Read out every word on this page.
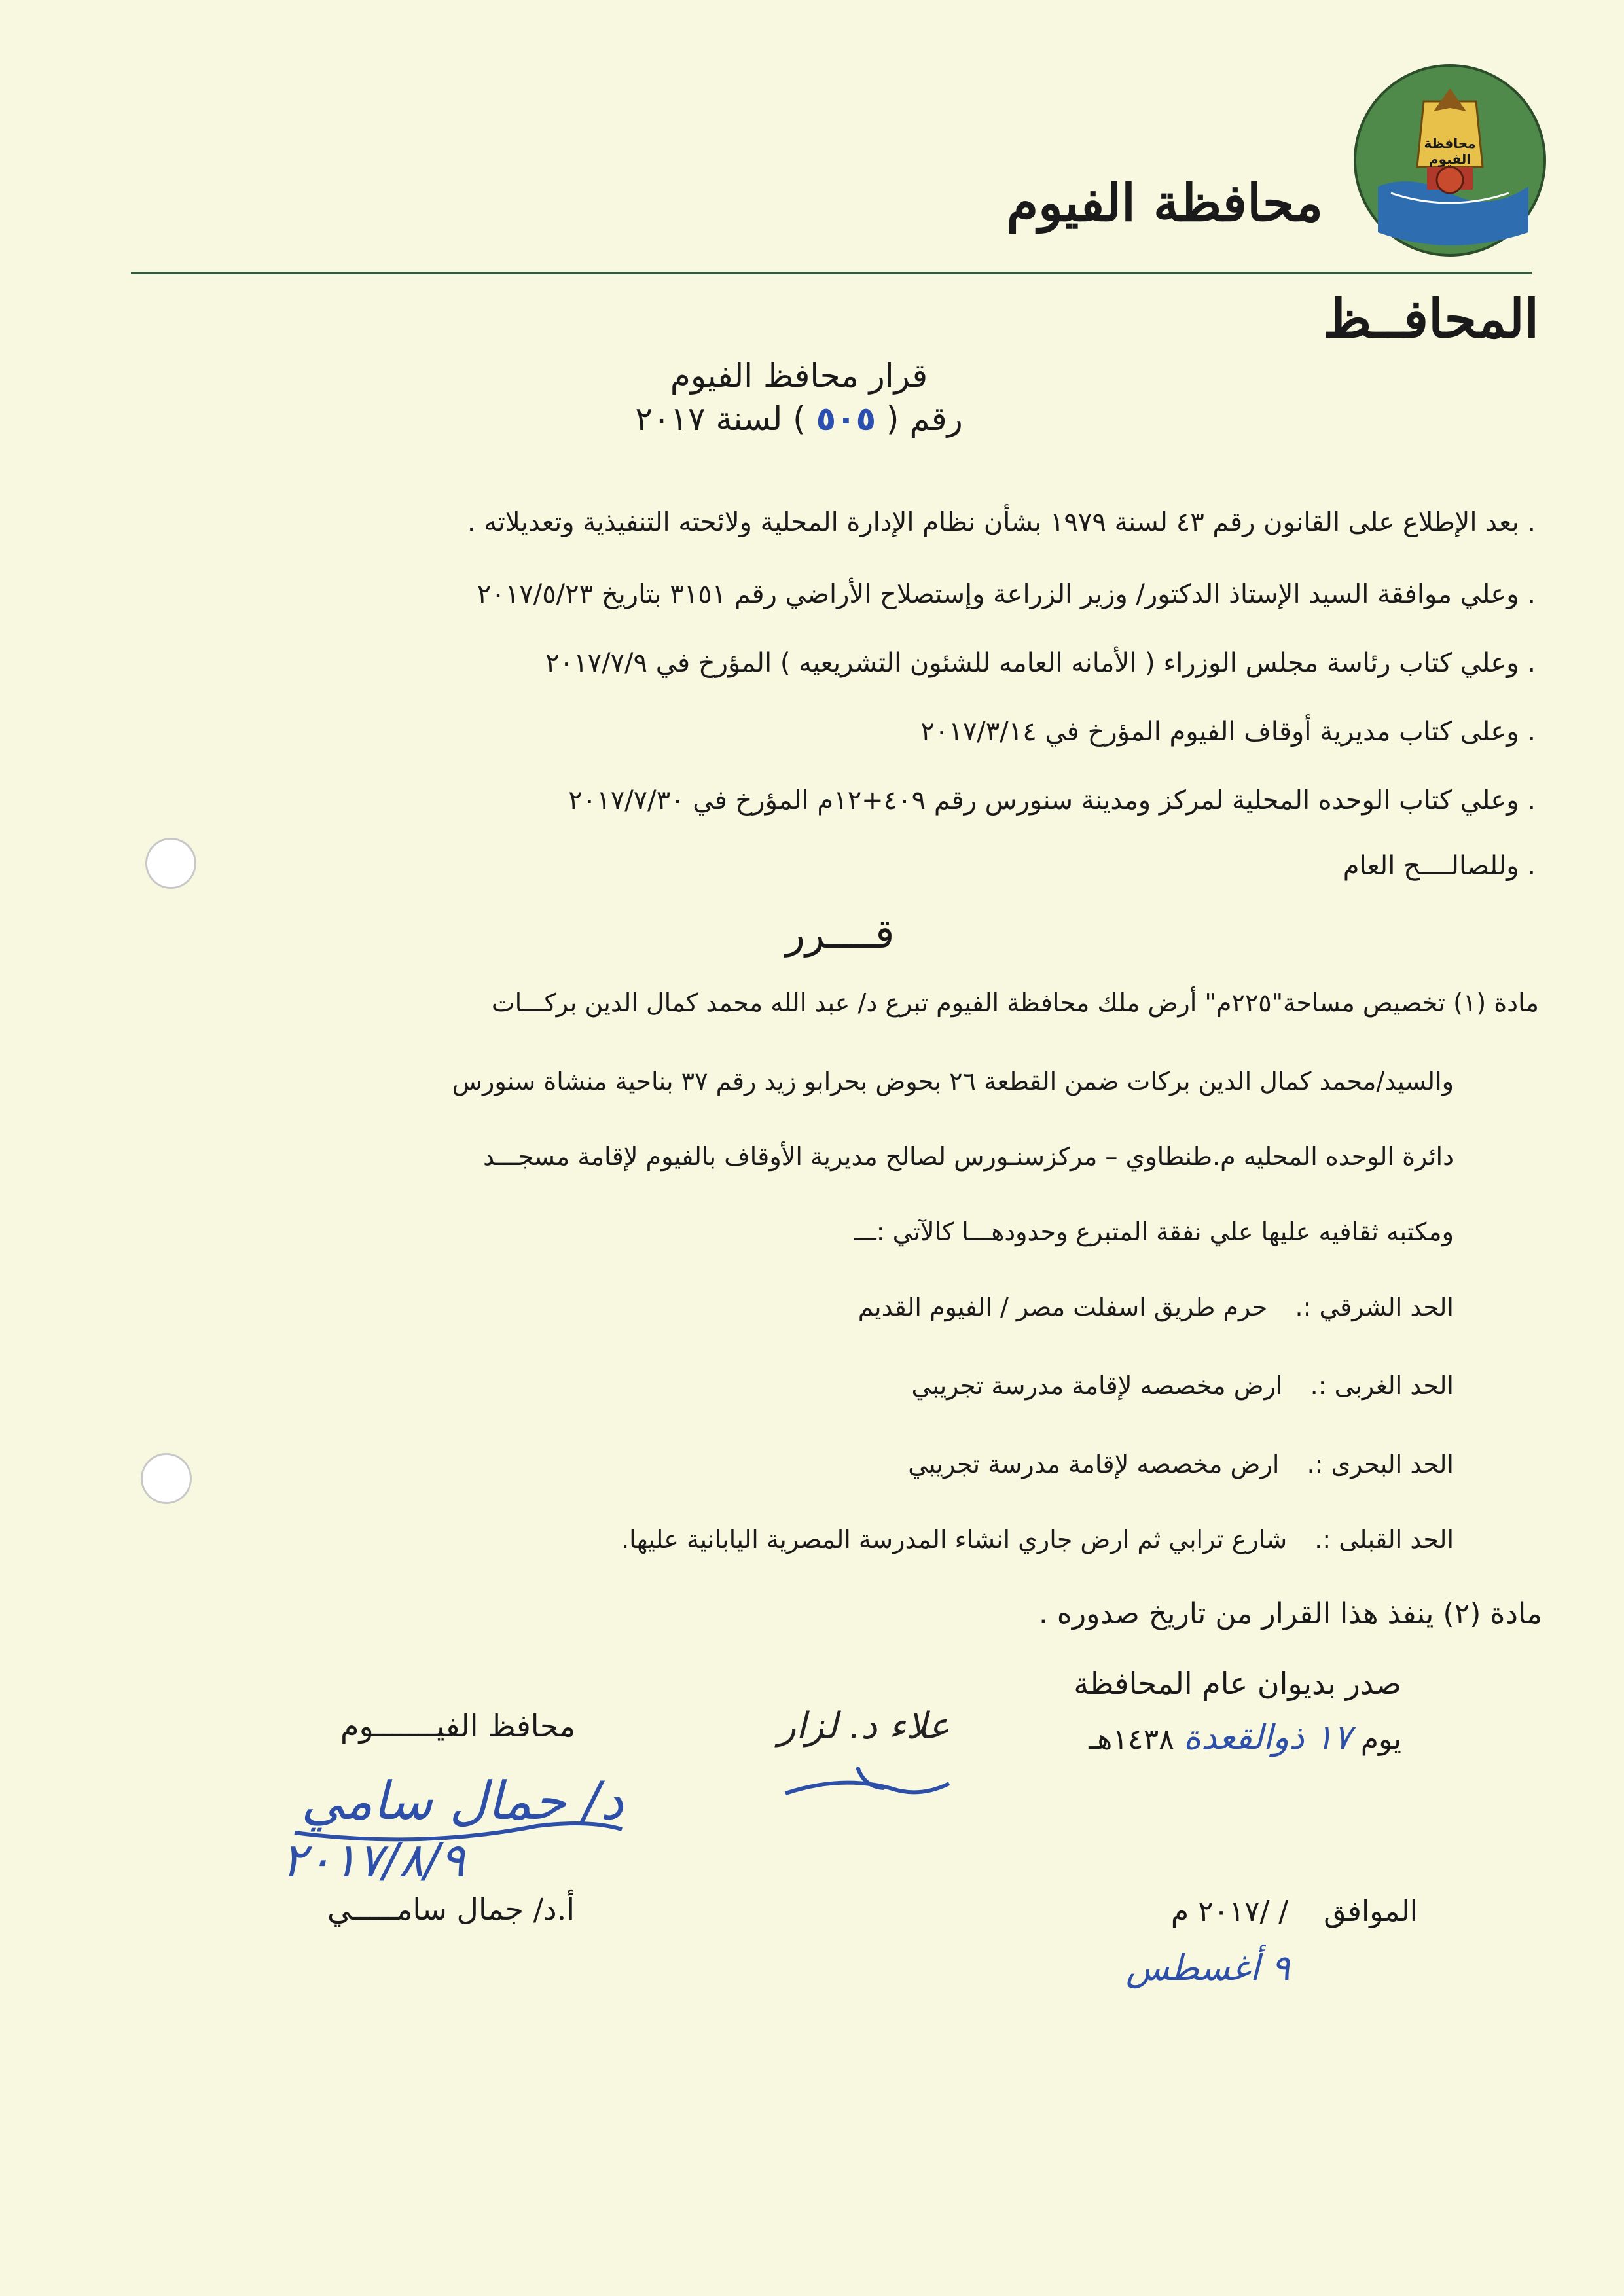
محافظة الفيوم
محافظة الفيوم
المحافــظ
قرار محافظ الفيوم
رقم ( ٥٠٥ ) لسنة ٢٠١٧
. بعد الإطلاع على القانون رقم ٤٣ لسنة ١٩٧٩ بشأن نظام الإدارة المحلية ولائحته التنفيذية وتعديلاته .
. وعلي موافقة السيد الإستاذ الدكتور/ وزير الزراعة وإستصلاح الأراضي رقم ٣١٥١ بتاريخ ٢٠١٧/٥/٢٣
. وعلي كتاب رئاسة مجلس الوزراء ( الأمانه العامه للشئون التشريعيه ) المؤرخ في ٢٠١٧/٧/٩
. وعلى كتاب مديرية أوقاف الفيوم المؤرخ في ٢٠١٧/٣/١٤
. وعلي كتاب الوحده المحلية لمركز ومدينة سنورس رقم ٤٠٩+١٢م المؤرخ في ٢٠١٧/٧/٣٠
. وللصالــــح العام
قــــرر
مادة (١) تخصيص مساحة"٢٢٥م" أرض ملك محافظة الفيوم تبرع د/ عبد الله محمد كمال الدين بركـــات
والسيد/محمد كمال الدين بركات ضمن القطعة ٢٦ بحوض بحرابو زيد رقم ٣٧ بناحية منشاة سنورس
دائرة الوحده المحليه م.طنطاوي – مركزسنـورس لصالح مديرية الأوقاف بالفيوم لإقامة مسجـــد
ومكتبه ثقافيه عليها علي نفقة المتبرع وحدودهـــا كالآتي :ـــ
الحد الشرقي :. حرم طريق اسفلت مصر / الفيوم القديم
الحد الغربى :. ارض مخصصه لإقامة مدرسة تجريبي
الحد البحرى :. ارض مخصصه لإقامة مدرسة تجريبي
الحد القبلى :. شارع ترابي ثم ارض جاري انشاء المدرسة المصرية اليابانية عليها.
مادة (٢) ينفذ هذا القرار من تاريخ صدوره .
صدر بديوان عام المحافظة
يوم ١٧ ذوالقعدة ١٤٣٨هـ
الموافق / /٢٠١٧ م
٩ أغسطس
علاء د. لزار
محافظ الفيـــــــوم
د/ جمال سامي
٢٠١٧/٨/٩
أ.د/ جمال سامـــــي
